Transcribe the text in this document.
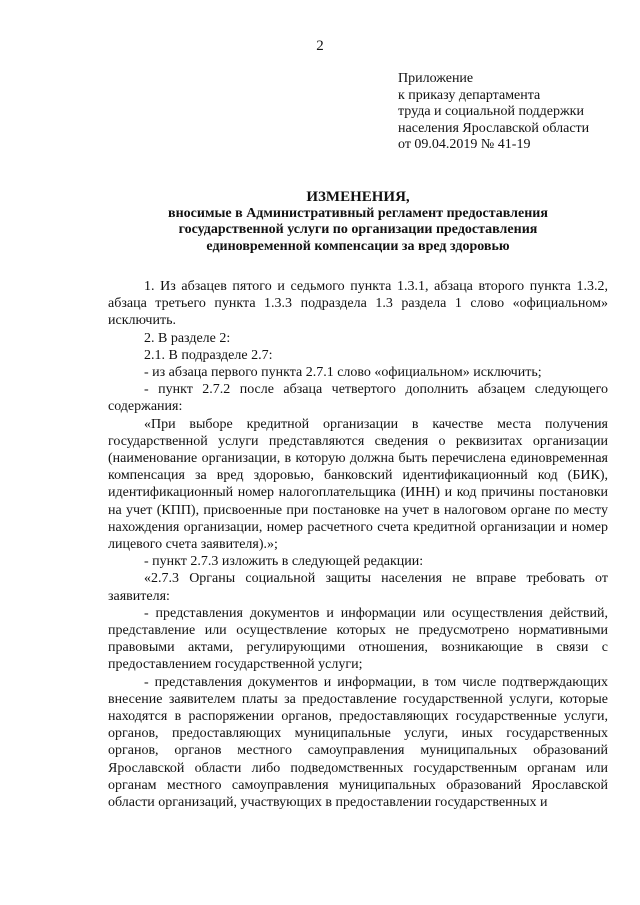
2
Приложение
к приказу департамента
труда и социальной поддержки
населения Ярославской области
от 09.04.2019 № 41-19
ИЗМЕНЕНИЯ,
вносимые в Административный регламент предоставления
государственной услуги по организации предоставления
единовременной компенсации за вред здоровью

1. Из абзацев пятого и седьмого пункта 1.3.1, абзаца второго пункта 1.3.2, абзаца третьего пункта 1.3.3 подраздела 1.3 раздела 1 слово «официальном» исключить.

2. В разделе 2:

2.1. В подразделе 2.7:

- из абзаца первого пункта 2.7.1 слово «официальном» исключить;

- пункт 2.7.2 после абзаца четвертого дополнить абзацем следующего содержания:

«При выборе кредитной организации в качестве места получения государственной услуги представляются сведения о реквизитах организации (наименование организации, в которую должна быть перечислена единовременная компенсация за вред здоровью, банковский идентификационный код (БИК), идентификационный номер налогоплательщика (ИНН) и код причины постановки на учет (КПП), присвоенные при постановке на учет в налоговом органе по месту нахождения организации, номер расчетного счета кредитной организации и номер лицевого счета заявителя).»;

- пункт 2.7.3 изложить в следующей редакции:

«2.7.3 Органы социальной защиты населения не вправе требовать от заявителя:

- представления документов и информации или осуществления действий, представление или осуществление которых не предусмотрено нормативными правовыми актами, регулирующими отношения, возникающие в связи с предоставлением государственной услуги;

- представления документов и информации, в том числе подтверждающих внесение заявителем платы за предоставление государственной услуги, которые находятся в распоряжении органов, предоставляющих государственные услуги, органов, предоставляющих муниципальные услуги, иных государственных органов, органов местного самоуправления муниципальных образований Ярославской области либо подведомственных государственным органам или органам местного самоуправления муниципальных образований Ярославской области организаций, участвующих в предоставлении государственных и
